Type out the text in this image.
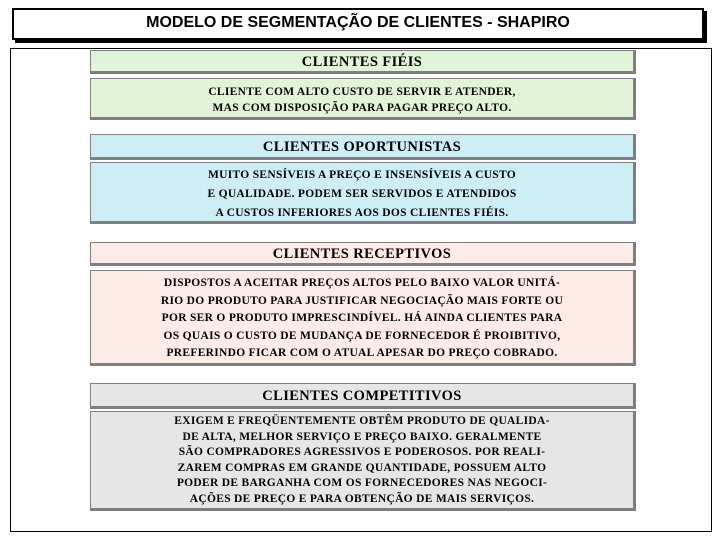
MODELO DE SEGMENTAÇÃO DE CLIENTES - SHAPIRO
CLIENTES FIÉIS
CLIENTE COM ALTO CUSTO DE SERVIR E ATENDER,
MAS COM DISPOSIÇÃO PARA PAGAR PREÇO ALTO.
CLIENTES OPORTUNISTAS
MUITO SENSÍVEIS A PREÇO E INSENSÍVEIS A CUSTO
E QUALIDADE. PODEM SER SERVIDOS E ATENDIDOS
A CUSTOS INFERIORES AOS DOS CLIENTES FIÉIS.
CLIENTES RECEPTIVOS
DISPOSTOS A ACEITAR PREÇOS ALTOS PELO BAIXO VALOR UNITÁ-
RIO DO PRODUTO PARA JUSTIFICAR NEGOCIAÇÃO MAIS FORTE OU
POR SER O PRODUTO IMPRESCINDÍVEL. HÁ AINDA CLIENTES PARA
OS QUAIS O CUSTO DE MUDANÇA DE FORNECEDOR É PROIBITIVO,
PREFERINDO FICAR COM O ATUAL APESAR DO PREÇO COBRADO.
CLIENTES COMPETITIVOS
EXIGEM E FREQÜENTEMENTE OBTÊM PRODUTO DE QUALIDA-
DE ALTA, MELHOR SERVIÇO E PREÇO BAIXO. GERALMENTE
SÃO COMPRADORES AGRESSIVOS E PODEROSOS. POR REALI-
ZAREM COMPRAS EM GRANDE QUANTIDADE, POSSUEM ALTO
PODER DE BARGANHA COM OS FORNECEDORES NAS NEGOCI-
AÇÕES DE PREÇO E PARA OBTENÇÃO DE MAIS SERVIÇOS.
